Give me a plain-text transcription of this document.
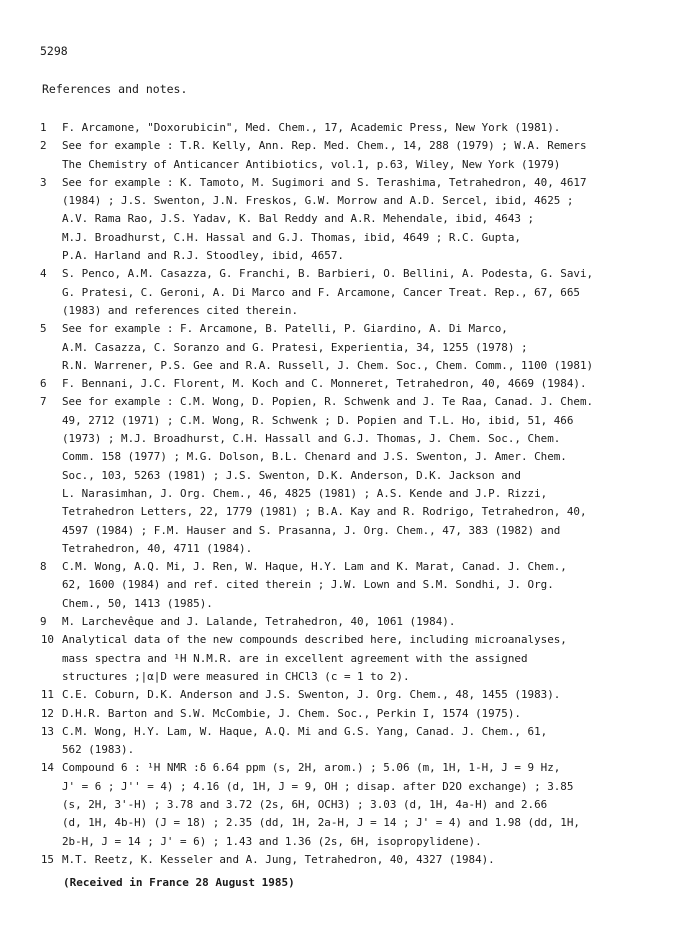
5298
References and notes.
1	F. Arcamone, "Doxorubicin", Med. Chem., 17, Academic Press, New York (1981).
2	See for example : T.R. Kelly, Ann. Rep. Med. Chem., 14, 288 (1979) ; W.A. Remers
The Chemistry of Anticancer Antibiotics, vol.1, p.63, Wiley, New York (1979)
3	See for example : K. Tamoto, M. Sugimori and S. Terashima, Tetrahedron, 40, 4617
(1984) ; J.S. Swenton, J.N. Freskos, G.W. Morrow and A.D. Sercel, ibid, 4625 ;
A.V. Rama Rao, J.S. Yadav, K. Bal Reddy and A.R. Mehendale, ibid, 4643 ;
M.J. Broadhurst, C.H. Hassal and G.J. Thomas, ibid, 4649 ; R.C. Gupta,
P.A. Harland and R.J. Stoodley, ibid, 4657.
4	S. Penco, A.M. Casazza, G. Franchi, B. Barbieri, O. Bellini, A. Podesta, G. Savi,
G. Pratesi, C. Geroni, A. Di Marco and F. Arcamone, Cancer Treat. Rep., 67, 665
(1983) and references cited therein.
5	See for example : F. Arcamone, B. Patelli, P. Giardino, A. Di Marco,
A.M. Casazza, C. Soranzo and G. Pratesi, Experientia, 34, 1255 (1978) ;
R.N. Warrener, P.S. Gee and R.A. Russell, J. Chem. Soc., Chem. Comm., 1100 (1981)
6	F. Bennani, J.C. Florent, M. Koch and C. Monneret, Tetrahedron, 40, 4669 (1984).
7	See for example : C.M. Wong, D. Popien, R. Schwenk and J. Te Raa, Canad. J. Chem.
49, 2712 (1971) ; C.M. Wong, R. Schwenk ; D. Popien and T.L. Ho, ibid, 51, 466
(1973) ; M.J. Broadhurst, C.H. Hassall and G.J. Thomas, J. Chem. Soc., Chem.
Comm. 158 (1977) ; M.G. Dolson, B.L. Chenard and J.S. Swenton, J. Amer. Chem.
Soc., 103, 5263 (1981) ; J.S. Swenton, D.K. Anderson, D.K. Jackson and
L. Narasimhan, J. Org. Chem., 46, 4825 (1981) ; A.S. Kende and J.P. Rizzi,
Tetrahedron Letters, 22, 1779 (1981) ; B.A. Kay and R. Rodrigo, Tetrahedron, 40,
4597 (1984) ; F.M. Hauser and S. Prasanna, J. Org. Chem., 47, 383 (1982) and
Tetrahedron, 40, 4711 (1984).
8	C.M. Wong, A.Q. Mi, J. Ren, W. Haque, H.Y. Lam and K. Marat, Canad. J. Chem.,
62, 1600 (1984) and ref. cited therein ; J.W. Lown and S.M. Sondhi, J. Org.
Chem., 50, 1413 (1985).
9	M. Larchevêque and J. Lalande, Tetrahedron, 40, 1061 (1984).
10 Analytical data of the new compounds described here, including microanalyses,
mass spectra and ¹H N.M.R. are in excellent agreement with the assigned
structures ;|α|D were measured in CHCl3 (c = 1 to 2).
11 C.E. Coburn, D.K. Anderson and J.S. Swenton, J. Org. Chem., 48, 1455 (1983).
12 D.H.R. Barton and S.W. McCombie, J. Chem. Soc., Perkin I, 1574 (1975).
13 C.M. Wong, H.Y. Lam, W. Haque, A.Q. Mi and G.S. Yang, Canad. J. Chem., 61,
562 (1983).
14 Compound 6 : ¹H NMR :δ 6.64 ppm (s, 2H, arom.) ; 5.06 (m, 1H, 1-H, J = 9 Hz,
J' = 6 ; J'' = 4) ; 4.16 (d, 1H, J = 9, OH ; disap. after D2O exchange) ; 3.85
(s, 2H, 3'-H) ; 3.78 and 3.72 (2s, 6H, OCH3) ; 3.03 (d, 1H, 4a-H) and 2.66
(d, 1H, 4b-H) (J = 18) ; 2.35 (dd, 1H, 2a-H, J = 14 ; J' = 4) and 1.98 (dd, 1H,
2b-H, J = 14 ; J' = 6) ; 1.43 and 1.36 (2s, 6H, isopropylidene).
15 M.T. Reetz, K. Kesseler and A. Jung, Tetrahedron, 40, 4327 (1984).
(Received in France 28 August 1985)
